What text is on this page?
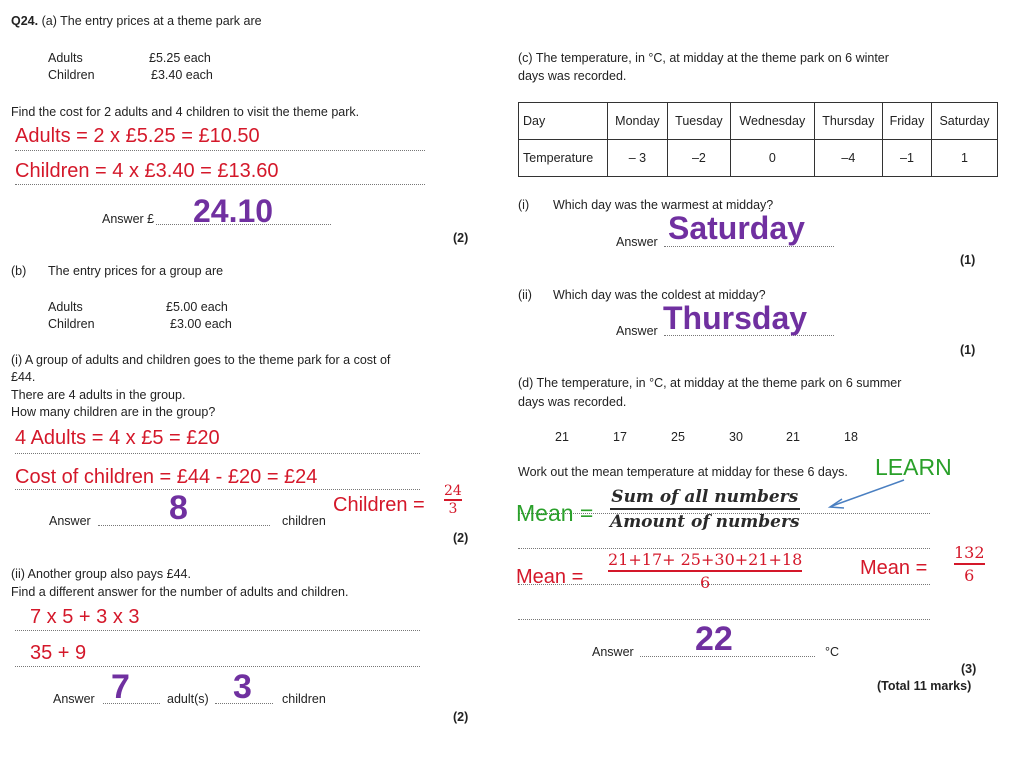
Q24. (a) The entry prices at a theme park are
Adults	£5.25 each
Children	£3.40 each
Find the cost for 2 adults and 4 children to visit the theme park.
Adults = 2 x £5.25 = £10.50
Children = 4 x £3.40 = £13.60
Answer £ 24.10
(2)
(b) The entry prices for a group are
Adults	£5.00 each
Children	£3.00 each
(i) A group of adults and children goes to the theme park for a cost of
£44.
There are 4 adults in the group.
How many children are in the group?
4 Adults = 4 x £5 = £20
Cost of children = £44 - £20 = £24
Answer 8	children
Children =
24
3
(2)
(ii) Another group also pays £44.
Find a different answer for the number of adults and children.
7 x 5 + 3 x 3
35 + 9
Answer 7	adult(s) 3 children
(2)
(c) The temperature, in °C, at midday at the theme park on 6 winter
days was recorded.
Day	Monday	Tuesday	Wednesday	Thursday	Friday	Saturday
Temperature	– 3	–2	0	–4	–1	1
(i) Which day was the warmest at midday?
Answer Saturday
(1)
(ii) Which day was the coldest at midday?
Answer Thursday
(1)
(d) The temperature, in °C, at midday at the theme park on 6 summer
days was recorded.
21	17	25	30	21	18
Work out the mean temperature at midday for these 6 days. LEARN
Mean =
Sum of all numbers
Amount of numbers
Mean =
21+17+ 25+30+21+18
6
Mean =
132
6
Answer 22	°C
(3)
(Total 11 marks)
